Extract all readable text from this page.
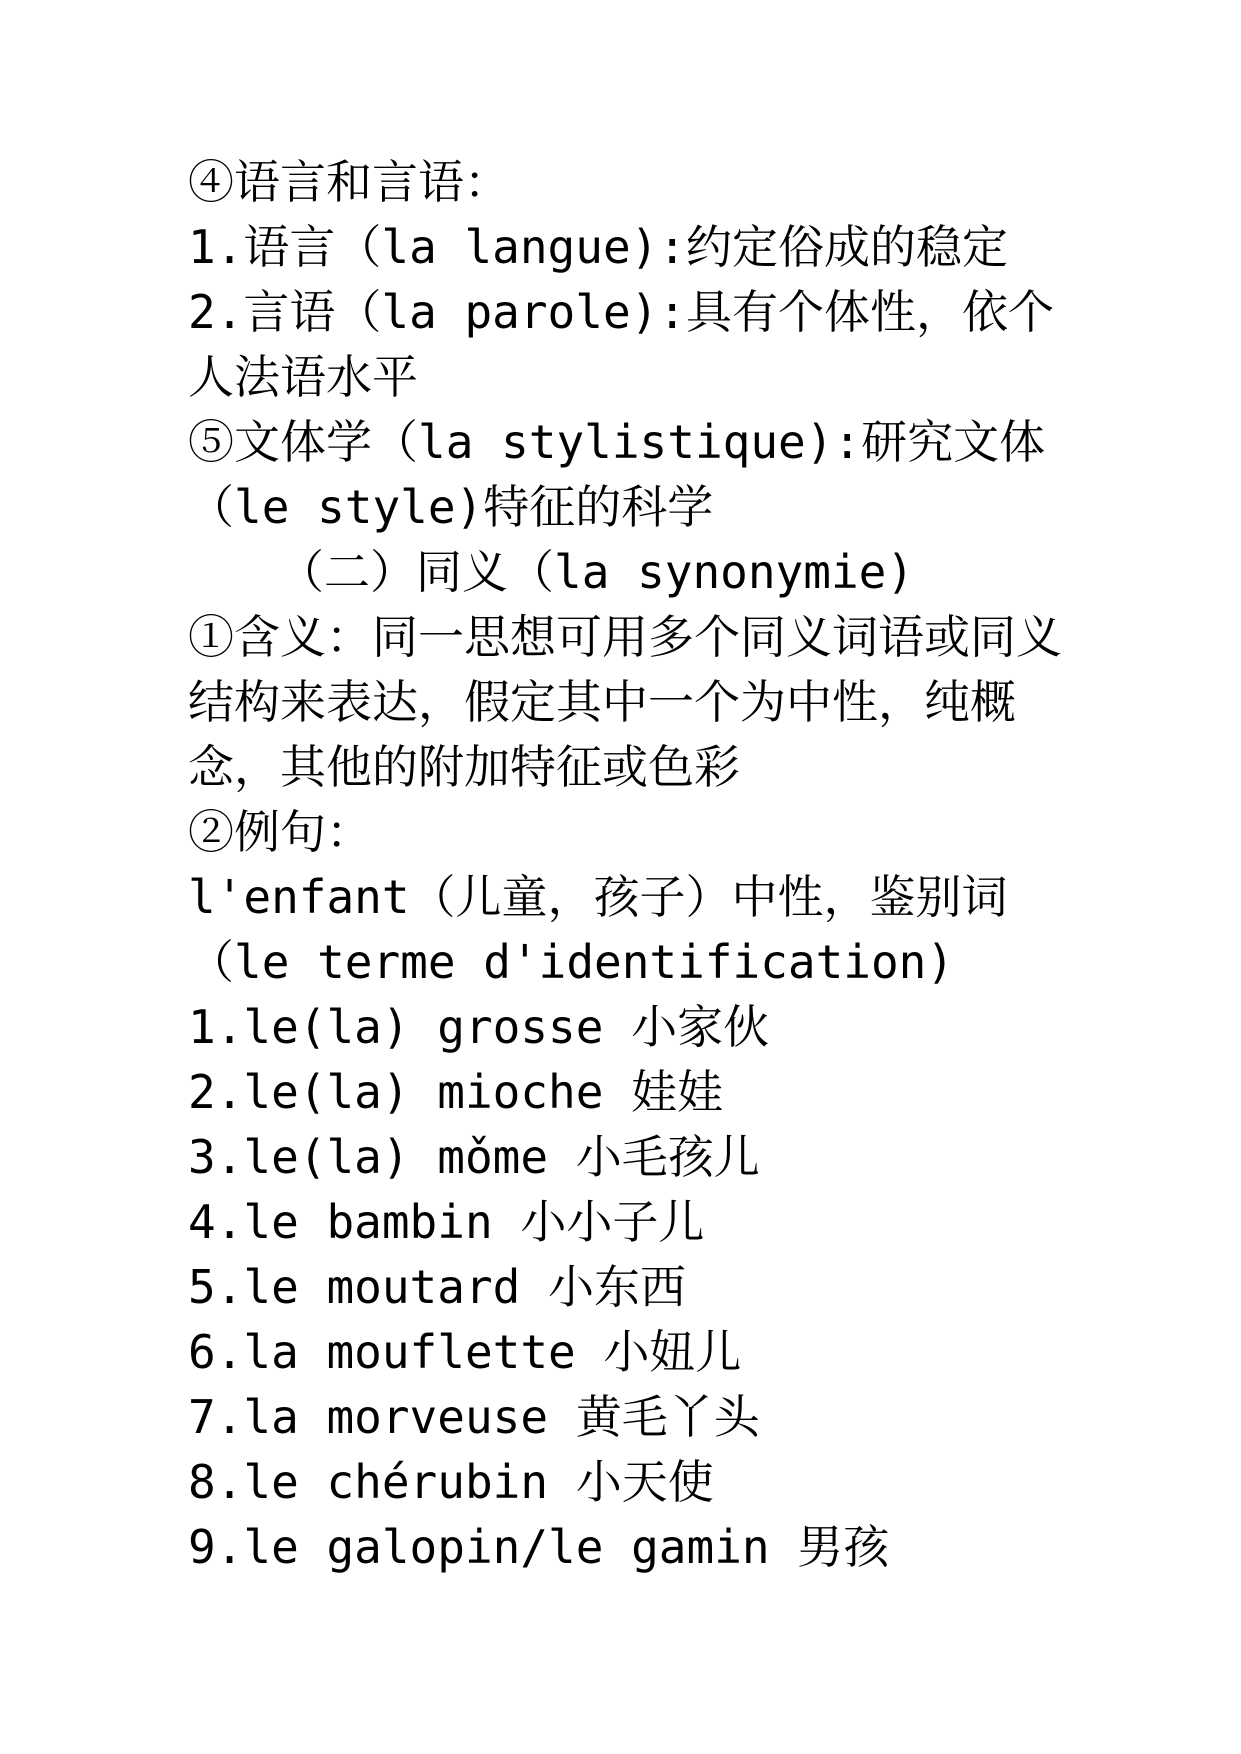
④语言和言语：

1.语言（la langue):约定俗成的稳定

2.言语（la parole):具有个体性，依个人法语水平

⑤文体学（la stylistique):研究文体（le style)特征的科学

（二）同义（la synonymie)

①含义：同一思想可用多个同义词语或同义结构来表达，假定其中一个为中性，纯概念，其他的附加特征或色彩

②例句：

l'enfant（儿童，孩子）中性，鉴别词（le terme d'identification)

1.le(la) grosse 小家伙

2.le(la) mioche 娃娃

3.le(la) mǒme 小毛孩儿

4.le bambin 小小子儿

5.le moutard 小东西

6.la mouflette 小妞儿

7.la morveuse 黄毛丫头

8.le chérubin 小天使

9.le galopin/le gamin 男孩
